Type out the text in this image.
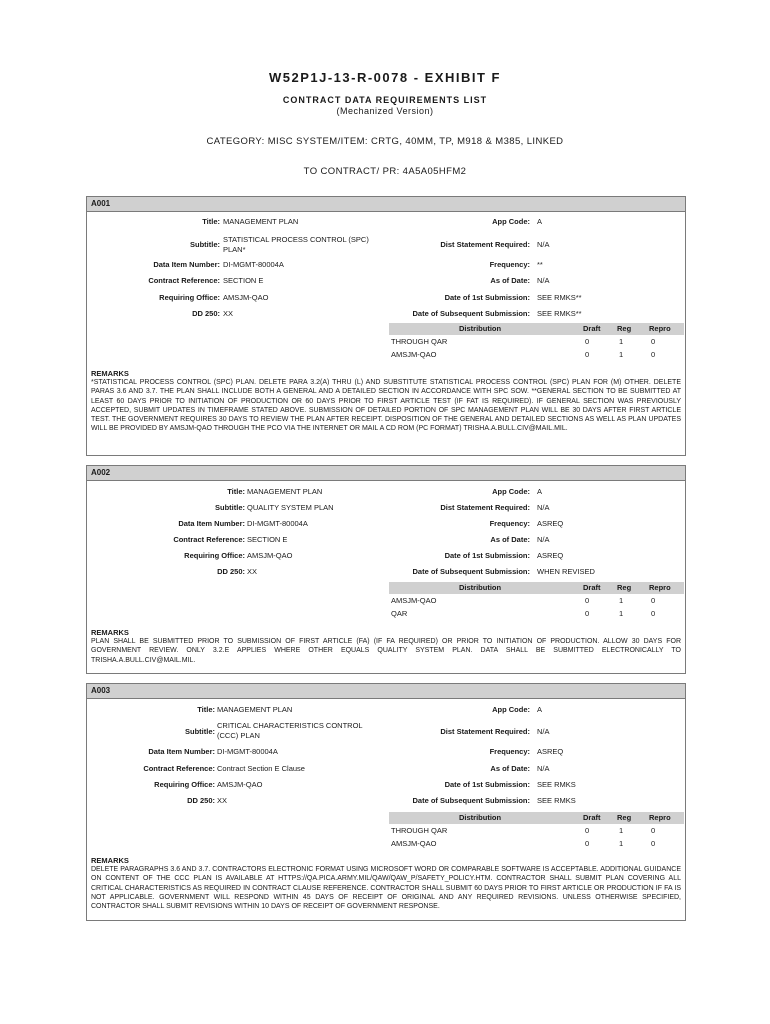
W52P1J-13-R-0078 - EXHIBIT F
CONTRACT DATA REQUIREMENTS LIST
(Mechanized Version)
CATEGORY: MISC SYSTEM/ITEM: CRTG, 40MM, TP, M918 & M385, LINKED
TO CONTRACT/ PR: 4A5A05HFM2
A001
Title: MANAGEMENT PLAN	App Code: A
Subtitle:
STATISTICAL PROCESS CONTROL (SPC) PLAN*
Dist Statement Required: N/A
Data Item Number: DI-MGMT-80004A	Frequency: **
Contract Reference: SECTION E	As of Date: N/A
Requiring Office: AMSJM-QAO	Date of 1st Submission: SEE RMKS**
DD 250: XX	Date of Subsequent Submission: SEE RMKS**
Distribution	Draft Reg Repro
THROUGH QAR	0	1	0
AMSJM-QAO	0	1	0
REMARKS
*STATISTICAL PROCESS CONTROL (SPC) PLAN. DELETE PARA 3.2(A) THRU (L) AND SUBSTITUTE STATISTICAL PROCESS CONTROL (SPC) PLAN FOR (M) OTHER. DELETE PARAS 3.6 AND 3.7. THE PLAN SHALL INCLUDE BOTH A GENERAL AND A DETAILED SECTION IN ACCORDANCE WITH SPC SOW. **GENERAL SECTION TO BE SUBMITTED AT LEAST 60 DAYS PRIOR TO INITIATION OF PRODUCTION OR 60 DAYS PRIOR TO FIRST ARTICLE TEST (IF FAT IS REQUIRED). IF GENERAL SECTION WAS PREVIOUSLY ACCEPTED, SUBMIT UPDATES IN TIMEFRAME STATED ABOVE. SUBMISSION OF DETAILED PORTION OF SPC MANAGEMENT PLAN WILL BE 30 DAYS AFTER FIRST ARTICLE TEST. THE GOVERNMENT REQUIRES 30 DAYS TO REVIEW THE PLAN AFTER RECEIPT. DISPOSITION OF THE GENERAL AND DETAILED SECTIONS AS WELL AS PLAN UPDATES WILL BE PROVIDED BY AMSJM-QAO THROUGH THE PCO VIA THE INTERNET OR MAIL A CD ROM (PC FORMAT) TRISHA.A.BULL.CIV@MAIL.MIL.
A002
Title: MANAGEMENT PLAN	App Code: A
Subtitle: QUALITY SYSTEM PLAN	Dist Statement Required: N/A
Data Item Number: DI-MGMT-80004A	Frequency: ASREQ
Contract Reference: SECTION E	As of Date: N/A
Requiring Office: AMSJM-QAO	Date of 1st Submission: ASREQ
DD 250: XX	Date of Subsequent Submission: WHEN REVISED
Distribution	Draft Reg Repro
AMSJM-QAO	0	1	0
QAR	0	1	0
REMARKS
PLAN SHALL BE SUBMITTED PRIOR TO SUBMISSION OF FIRST ARTICLE (FA) (IF FA REQUIRED) OR PRIOR TO INITIATION OF PRODUCTION. ALLOW 30 DAYS FOR GOVERNMENT REVIEW. ONLY 3.2.E APPLIES WHERE OTHER EQUALS QUALITY SYSTEM PLAN. DATA SHALL BE SUBMITTED ELECTRONICALLY TO TRISHA.A.BULL.CIV@MAIL.MIL.
A003
Title: MANAGEMENT PLAN	App Code: A
Subtitle:
CRITICAL CHARACTERISTICS CONTROL (CCC) PLAN	Dist Statement Required: N/A
Data Item Number: DI-MGMT-80004A	Frequency: ASREQ
Contract Reference: Contract Section E Clause	As of Date: N/A
Requiring Office: AMSJM-QAO	Date of 1st Submission: SEE RMKS
DD 250: XX	Date of Subsequent Submission: SEE RMKS
Distribution	Draft Reg Repro
THROUGH QAR	0	1	0
AMSJM-QAO	0	1	0
REMARKS
DELETE PARAGRAPHS 3.6 AND 3.7. CONTRACTORS ELECTRONIC FORMAT USING MICROSOFT WORD OR COMPARABLE SOFTWARE IS ACCEPTABLE. ADDITIONAL GUIDANCE ON CONTENT OF THE CCC PLAN IS AVAILABLE AT HTTPS://QA.PICA.ARMY.MIL/QAW/QAW_P/SAFETY_POLICY.HTM. CONTRACTOR SHALL SUBMIT PLAN COVERING ALL CRITICAL CHARACTERISTICS AS REQUIRED IN CONTRACT CLAUSE REFERENCE. CONTRACTOR SHALL SUBMIT 60 DAYS PRIOR TO FIRST ARTICLE OR PRODUCTION IF FA IS NOT APPLICABLE. GOVERNMENT WILL RESPOND WITHIN 45 DAYS OF RECEIPT OF ORIGINAL AND ANY REQUIRED REVISIONS. UNLESS OTHERWISE SPECIFIED, CONTRACTOR SHALL SUBMIT REVISIONS WITHIN 10 DAYS OF RECEIPT OF GOVERNMENT RESPONSE.
